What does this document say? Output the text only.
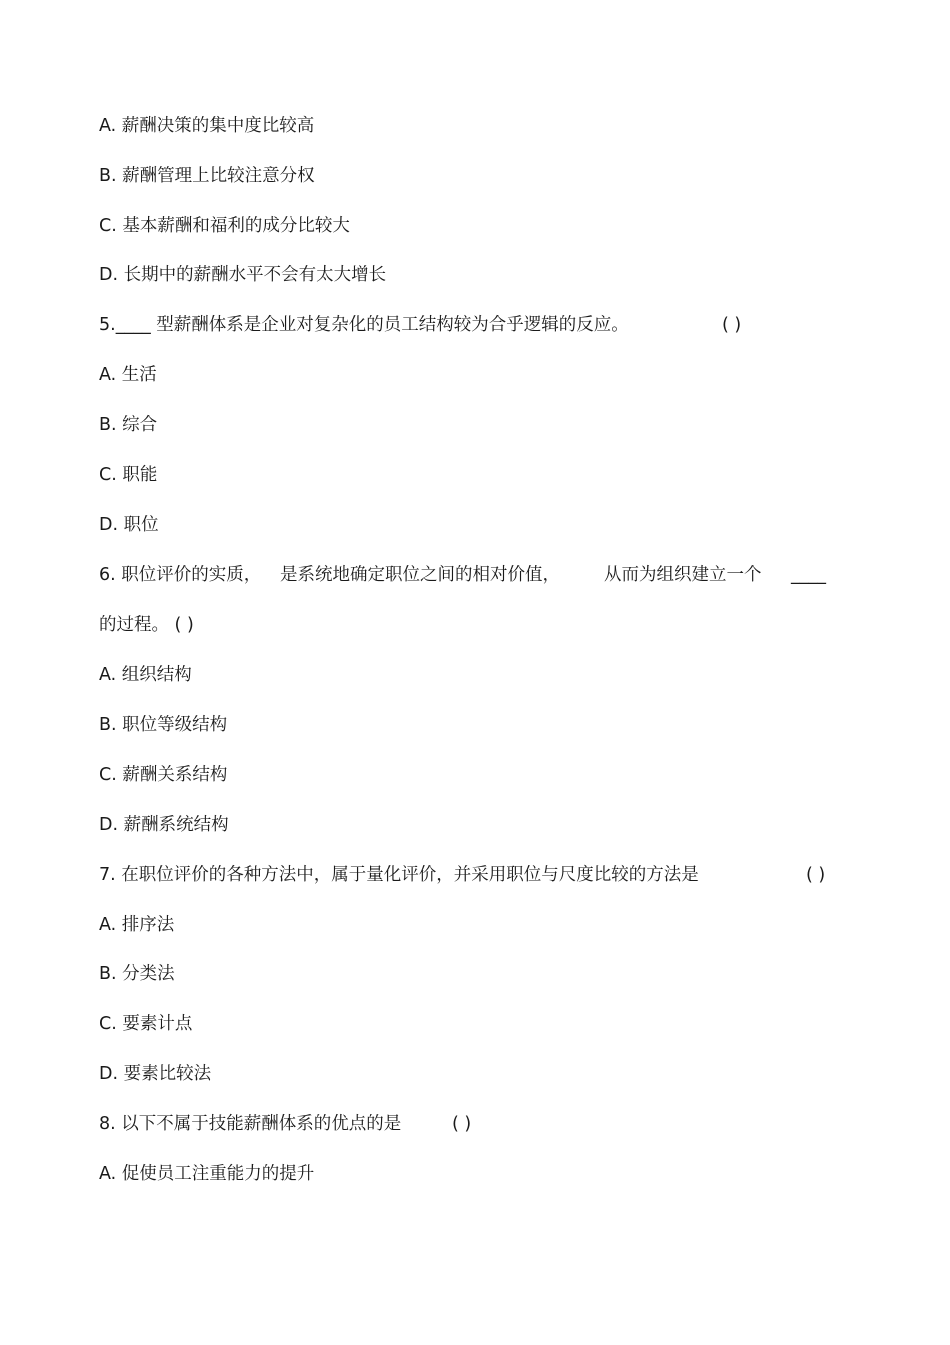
A. 薪酬决策的集中度比较高
B. 薪酬管理上比较注意分权
C. 基本薪酬和福利的成分比较大
D. 长期中的薪酬水平不会有太大增长
5.____ 型薪酬体系是企业对复杂化的员工结构较为合乎逻辑的反应。	( )
A. 生活
B. 综合
C. 职能
D. 职位
6. 职位评价的实质， 是系统地确定职位之间的相对价值，	从而为组织建立一个 ____
的过程。 ( )
A. 组织结构
B. 职位等级结构
C. 薪酬关系结构
D. 薪酬系统结构
7. 在职位评价的各种方法中，属于量化评价，并采用职位与尺度比较的方法是	( )
A. 排序法
B. 分类法
C. 要素计点
D. 要素比较法
8. 以下不属于技能薪酬体系的优点的是	( )
A. 促使员工注重能力的提升
